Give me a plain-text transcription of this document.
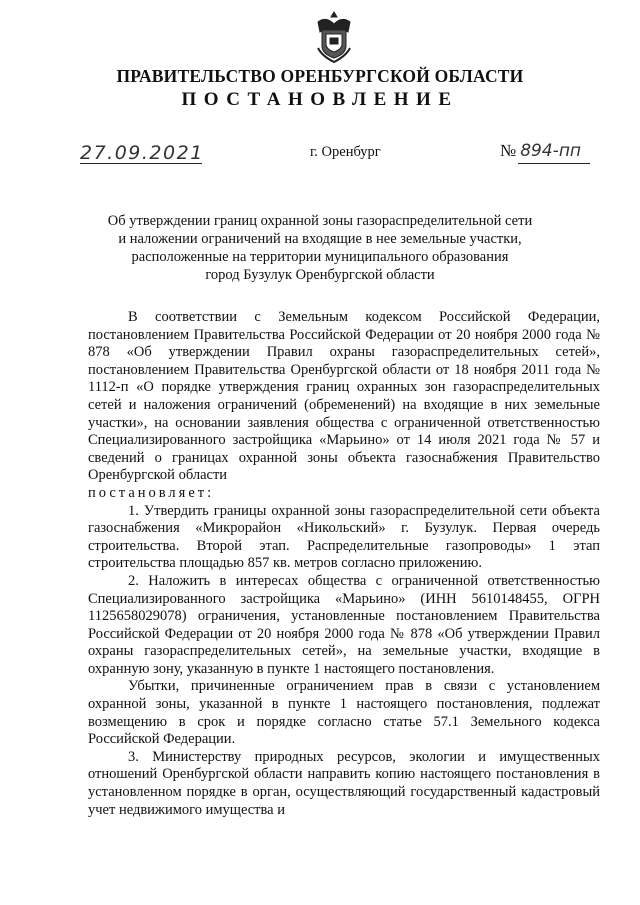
ПРАВИТЕЛЬСТВО ОРЕНБУРГСКОЙ ОБЛАСТИ
ПОСТАНОВЛЕНИЕ
27.09.2021	г. Оренбург	№ 894-пп
Об утверждении границ охранной зоны газораспределительной сети
и наложении ограничений на входящие в нее земельные участки,
расположенные на территории муниципального образования
город Бузулук Оренбургской области

В соответствии с Земельным кодексом Российской Федерации, постановлением Правительства Российской Федерации от 20 ноября 2000 года № 878 «Об утверждении Правил охраны газораспределительных сетей», постановлением Правительства Оренбургской области от 18 ноября 2011 года № 1112-п «О порядке утверждения границ охранных зон газораспределительных сетей и наложения ограничений (обременений) на входящие в них земельные участки», на основании заявления общества с ограниченной ответственностью Специализированного застройщика «Марьино» от 14 июля 2021 года № 57 и сведений о границах охранной зоны объекта газоснабжения Правительство Оренбургской области

постановляет:

1. Утвердить границы охранной зоны газораспределительной сети объекта газоснабжения «Микрорайон «Никольский» г. Бузулук. Первая очередь строительства. Второй этап. Распределительные газопроводы» 1 этап строительства площадью 857 кв. метров согласно приложению.

2. Наложить в интересах общества с ограниченной ответственностью Специализированного застройщика «Марьино» (ИНН 5610148455, ОГРН 1125658029078) ограничения, установленные постановлением Правительства Российской Федерации от 20 ноября 2000 года № 878 «Об утверждении Правил охраны газораспределительных сетей», на земельные участки, входящие в охранную зону, указанную в пункте 1 настоящего постановления.

Убытки, причиненные ограничением прав в связи с установлением охранной зоны, указанной в пункте 1 настоящего постановления, подлежат возмещению в срок и порядке согласно статье 57.1 Земельного кодекса Российской Федерации.

3. Министерству природных ресурсов, экологии и имущественных отношений Оренбургской области направить копию настоящего постановления в установленном порядке в орган, осуществляющий государственный кадастровый учет недвижимого имущества и
